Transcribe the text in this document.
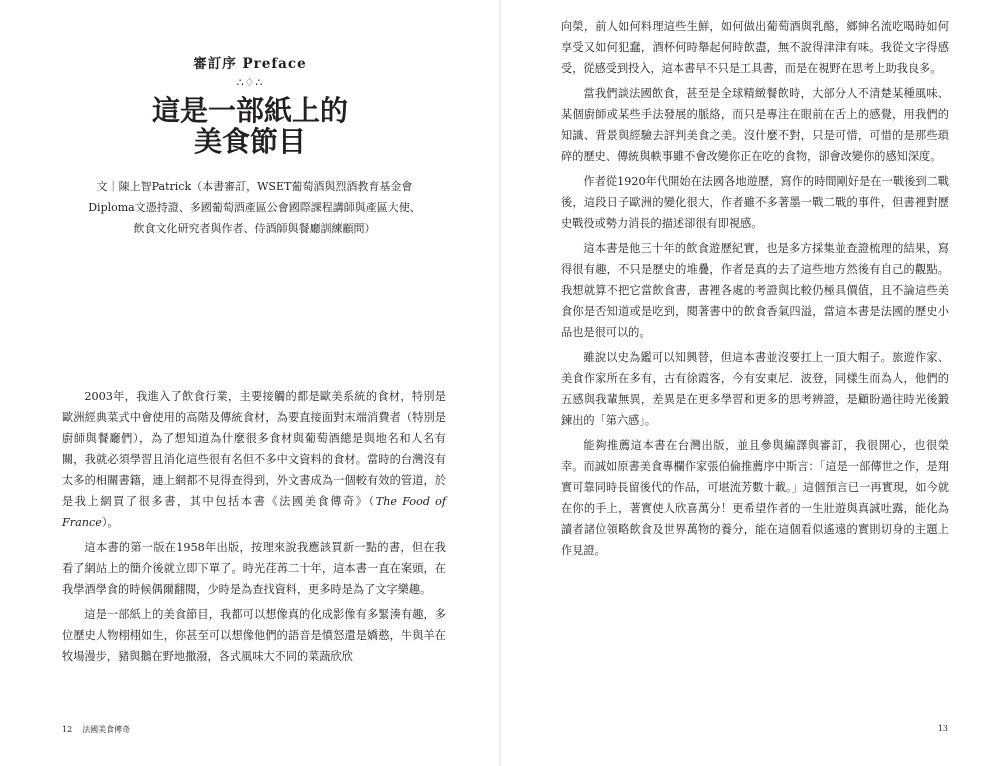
審訂序 Preface
∴♢∴
這是一部紙上的
美食節目
文｜陳上智Patrick（本書審訂，WSET葡萄酒與烈酒教育基金會
Diploma文憑持證、多國葡萄酒產區公會國際課程講師與產區大使、
飲食文化研究者與作者、侍酒師與餐廳訓練顧問）

2003年，我進入了飲食行業，主要接觸的都是歐美系統的食材，特別是歐洲經典菜式中會使用的高階及傳統食材，為要直接面對末端消費者（特別是廚師與餐廳們），為了想知道為什麼很多食材與葡萄酒總是與地名和人名有關，我就必須學習且消化這些很有名但不多中文資料的食材。當時的台灣沒有太多的相關書籍，連上網都不見得查得到，外文書成為一個較有效的管道，於是我上網買了很多書，其中包括本書《法國美食傳奇》（The Food of France）。

這本書的第一版在1958年出版，按理來說我應該買新一點的書，但在我看了網站上的簡介後就立即下單了。時光荏苒二十年，這本書一直在案頭，在我學酒學食的時候偶爾翻閱，少時是為查找資料，更多時是為了文字樂趣。

這是一部紙上的美食節目，我都可以想像真的化成影像有多緊湊有趣，多位歷史人物栩栩如生，你甚至可以想像他們的語音是憤怒還是嬌憨，牛與羊在牧場漫步，豬與鵝在野地撒潑，各式風味大不同的菜蔬欣欣

12 法國美食傳奇

向榮，前人如何料理這些生鮮，如何做出葡萄酒與乳酪，鄉紳名流吃喝時如何享受又如何犯蠢，酒杯何時舉起何時飲盡，無不說得津津有味。我從文字得感受，從感受到投入，這本書早不只是工具書，而是在視野在思考上助我良多。

當我們談法國飲食，甚至是全球精緻餐飲時，大部分人不清楚某種風味、某個廚師或某些手法發展的脈絡，而只是專注在眼前在舌上的感覺，用我們的知識、背景與經驗去評判美食之美。沒什麼不對，只是可惜，可惜的是那些瑣碎的歷史、傳統與軼事雖不會改變你正在吃的食物，卻會改變你的感知深度。

作者從1920年代開始在法國各地遊歷，寫作的時間剛好是在一戰後到二戰後，這段日子歐洲的變化很大，作者雖不多著墨一戰二戰的事件，但書裡對歷史戰役或勢力消長的描述卻很有即視感。

這本書是他三十年的飲食遊歷紀實，也是多方採集並查證梳理的結果，寫得很有趣，不只是歷史的堆疊，作者是真的去了這些地方然後有自己的觀點。我想就算不把它當飲食書，書裡各處的考證與比較仍極具價值，且不論這些美食你是否知道或是吃到，閱著書中的飲食香氣四溢，當這本書是法國的歷史小品也是很可以的。

雖說以史為鑑可以知興替，但這本書並沒要扛上一頂大帽子。旅遊作家、美食作家所在多有，古有徐霞客，今有安東尼．波登，同樣生而為人，他們的五感與我輩無異，差異是在更多學習和更多的思考辨證，是顧盼過往時光後鍛鍊出的「第六感」。

能夠推薦這本書在台灣出版，並且參與編譯與審訂，我很開心，也很榮幸。而誠如原書美食專欄作家張伯倫推薦序中斯言：「這是一部傳世之作，是翔實可靠同時長留後代的作品，可堪流芳數十載。」這個預言已一再實現，如今就在你的手上，著實使人欣喜萬分！更希望作者的一生壯遊與真誠吐露，能化為讀者諸位領略飲食及世界萬物的養分，能在這個看似遙遠的實則切身的主題上作見證。

13
